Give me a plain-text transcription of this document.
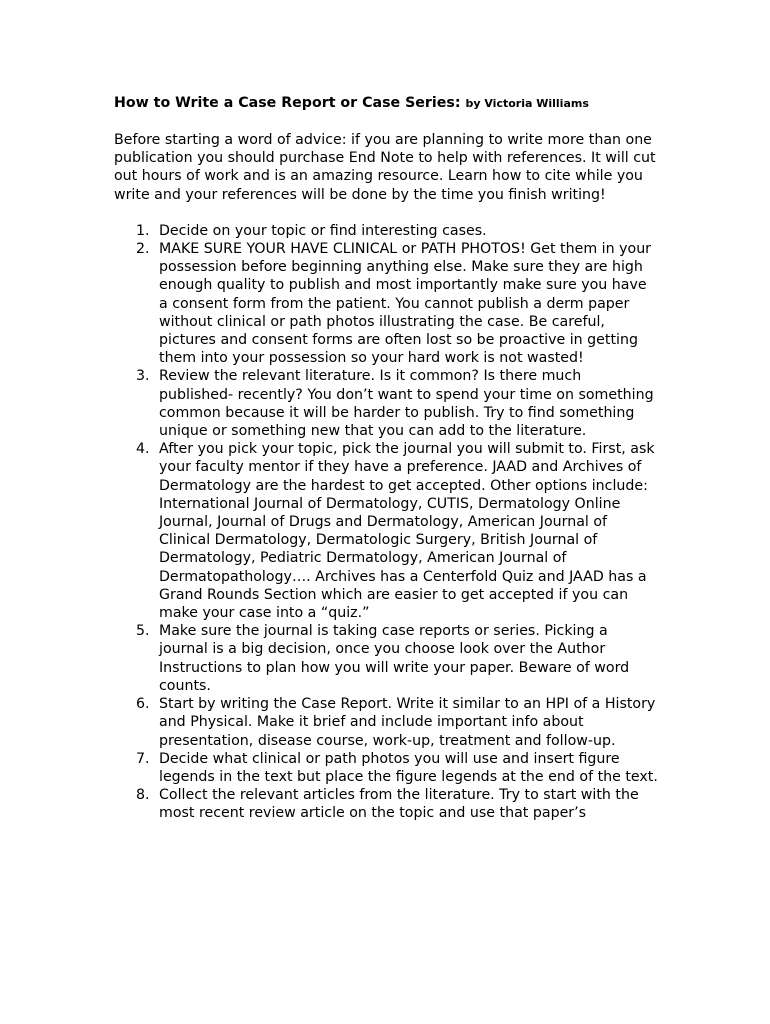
How to Write a Case Report or Case Series: by Victoria Williams

Before starting a word of advice: if you are planning to write more than one publication you should purchase End Note to help with references. It will cut out hours of work and is an amazing resource. Learn how to cite while you write and your references will be done by the time you finish writing!

1. Decide on your topic or find interesting cases.
2. MAKE SURE YOUR HAVE CLINICAL or PATH PHOTOS! Get them in your possession before beginning anything else. Make sure they are high enough quality to publish and most importantly make sure you have a consent form from the patient. You cannot publish a derm paper without clinical or path photos illustrating the case. Be careful, pictures and consent forms are often lost so be proactive in getting them into your possession so your hard work is not wasted!
3. Review the relevant literature. Is it common? Is there much published- recently? You don’t want to spend your time on something common because it will be harder to publish. Try to find something unique or something new that you can add to the literature.
4. After you pick your topic, pick the journal you will submit to. First, ask your faculty mentor if they have a preference. JAAD and Archives of Dermatology are the hardest to get accepted. Other options include: International Journal of Dermatology, CUTIS, Dermatology Online Journal, Journal of Drugs and Dermatology, American Journal of Clinical Dermatology, Dermatologic Surgery, British Journal of Dermatology, Pediatric Dermatology, American Journal of Dermatopathology…. Archives has a Centerfold Quiz and JAAD has a Grand Rounds Section which are easier to get accepted if you can make your case into a “quiz.”
5. Make sure the journal is taking case reports or series. Picking a journal is a big decision, once you choose look over the Author Instructions to plan how you will write your paper. Beware of word counts.
6. Start by writing the Case Report. Write it similar to an HPI of a History and Physical. Make it brief and include important info about presentation, disease course, work-up, treatment and follow-up.
7. Decide what clinical or path photos you will use and insert figure legends in the text but place the figure legends at the end of the text.
8. Collect the relevant articles from the literature. Try to start with the most recent review article on the topic and use that paper’s
